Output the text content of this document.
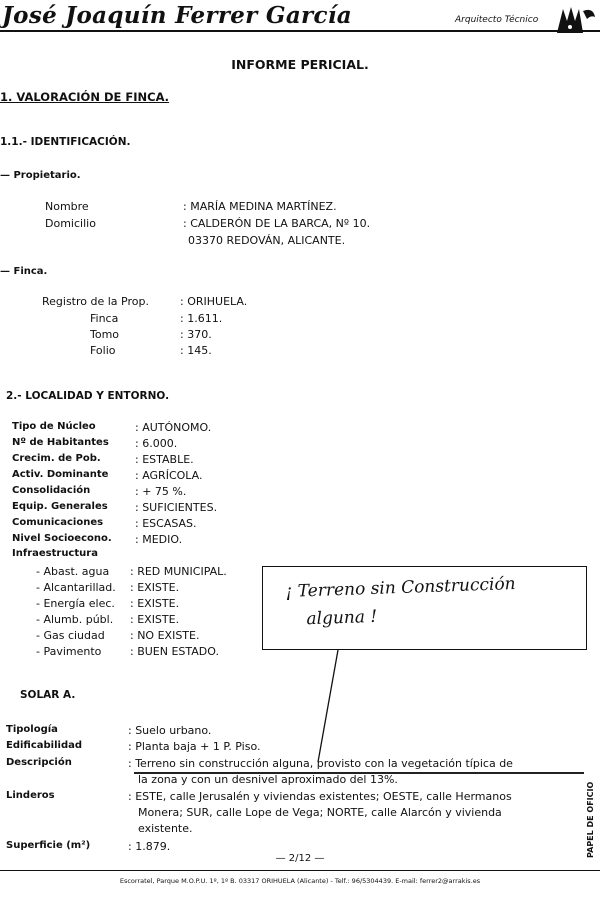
José Joaquín Ferrer García	Arquitecto Técnico
INFORME PERICIAL.
1. VALORACIÓN DE FINCA.
1.1.- IDENTIFICACIÓN.
— Propietario.
Nombre	: MARÍA MEDINA MARTÍNEZ.
Domicilio	: CALDERÓN DE LA BARCA, Nº 10.
03370 REDOVÁN, ALICANTE.
— Finca.
Registro de la Prop.	: ORIHUELA.
Finca	: 1.611.
Tomo	: 370.
Folio	: 145.
2.- LOCALIDAD Y ENTORNO.
Tipo de Núcleo	: AUTÓNOMO.
Nº de Habitantes : 6.000.
Crecim. de Pob.	: ESTABLE.
Activ. Dominante : AGRÍCOLA.
Consolidación	: + 75 %.
Equip. Generales : SUFICIENTES.
Comunicaciones	: ESCASAS.
Nivel Socioecono. : MEDIO.
Infraestructura
- Abast. agua : RED MUNICIPAL.
- Alcantarillad. : EXISTE.
- Energía elec. : EXISTE.
- Alumb. públ. : EXISTE.
- Gas ciudad : NO EXISTE.
- Pavimento	: BUEN ESTADO.
¡ Terreno sin Construcción
alguna !
SOLAR A.
Tipología	: Suelo urbano.
Edificabilidad	: Planta baja + 1 P. Piso.
Descripción	: Terreno sin construcción alguna, provisto con la vegetación típica de
la zona y con un desnivel aproximado del 13%.
Linderos	: ESTE, calle Jerusalén y viviendas existentes; OESTE, calle Hermanos
Monera; SUR, calle Lope de Vega; NORTE, calle Alarcón y vivienda
existente.
Superficie (m²)	: 1.879.	PAPEL DE OFICIO
— 2/12 —
Escorratel, Parque M.O.P.U. 1º, 1º B. 03317 ORIHUELA (Alicante) - Telf.: 96/5304439. E-mail: ferrer2@arrakis.es
